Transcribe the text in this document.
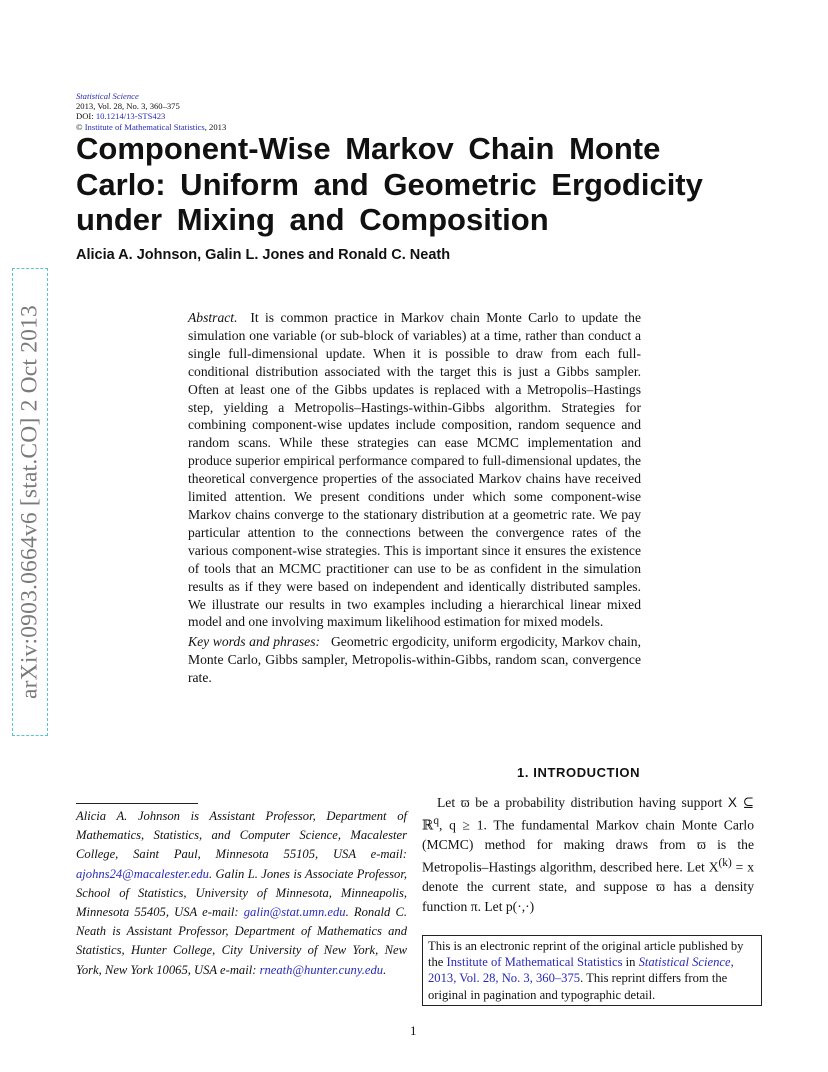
arXiv:0903.0664v6 [stat.CO] 2 Oct 2013
Statistical Science
2013, Vol. 28, No. 3, 360–375
DOI: 10.1214/13-STS423
© Institute of Mathematical Statistics, 2013
Component-Wise Markov Chain Monte Carlo: Uniform and Geometric Ergodicity under Mixing and Composition
Alicia A. Johnson, Galin L. Jones and Ronald C. Neath

Abstract. It is common practice in Markov chain Monte Carlo to update the simulation one variable (or sub-block of variables) at a time, rather than conduct a single full-dimensional update. When it is possible to draw from each full-conditional distribution associated with the target this is just a Gibbs sampler. Often at least one of the Gibbs updates is replaced with a Metropolis–Hastings step, yielding a Metropolis–Hastings-within-Gibbs algorithm. Strategies for combining component-wise updates include composition, random sequence and random scans. While these strategies can ease MCMC implementation and produce superior empirical performance compared to full-dimensional updates, the theoretical convergence properties of the associated Markov chains have received limited attention. We present conditions under which some component-wise Markov chains converge to the stationary distribution at a geometric rate. We pay particular attention to the connections between the convergence rates of the various component-wise strategies. This is important since it ensures the existence of tools that an MCMC practitioner can use to be as confident in the simulation results as if they were based on independent and identically distributed samples. We illustrate our results in two examples including a hierarchical linear mixed model and one involving maximum likelihood estimation for mixed models.

Key words and phrases: Geometric ergodicity, uniform ergodicity, Markov chain, Monte Carlo, Gibbs sampler, Metropolis-within-Gibbs, random scan, convergence rate.

1. INTRODUCTION

Let ϖ be a probability distribution having support X ⊆ ℝ$^q$, q ≥ 1. The fundamental Markov chain Monte Carlo (MCMC) method for making draws from ϖ is the Metropolis–Hastings algorithm, described here. Let $X^{(k)} = x$ denote the current state, and suppose ϖ has a density function π. Let p(·,·)

Alicia A. Johnson is Assistant Professor, Department of Mathematics, Statistics, and Computer Science, Macalester College, Saint Paul, Minnesota 55105, USA e-mail: ajohns24@macalester.edu. Galin L. Jones is Associate Professor, School of Statistics, University of Minnesota, Minneapolis, Minnesota 55405, USA e-mail: galin@stat.umn.edu. Ronald C. Neath is Assistant Professor, Department of Mathematics and Statistics, Hunter College, City University of New York, New York, New York 10065, USA e-mail: rneath@hunter.cuny.edu.
This is an electronic reprint of the original article published by the Institute of Mathematical Statistics in Statistical Science, 2013, Vol. 28, No. 3, 360–375. This reprint differs from the original in pagination and typographic detail.
1
